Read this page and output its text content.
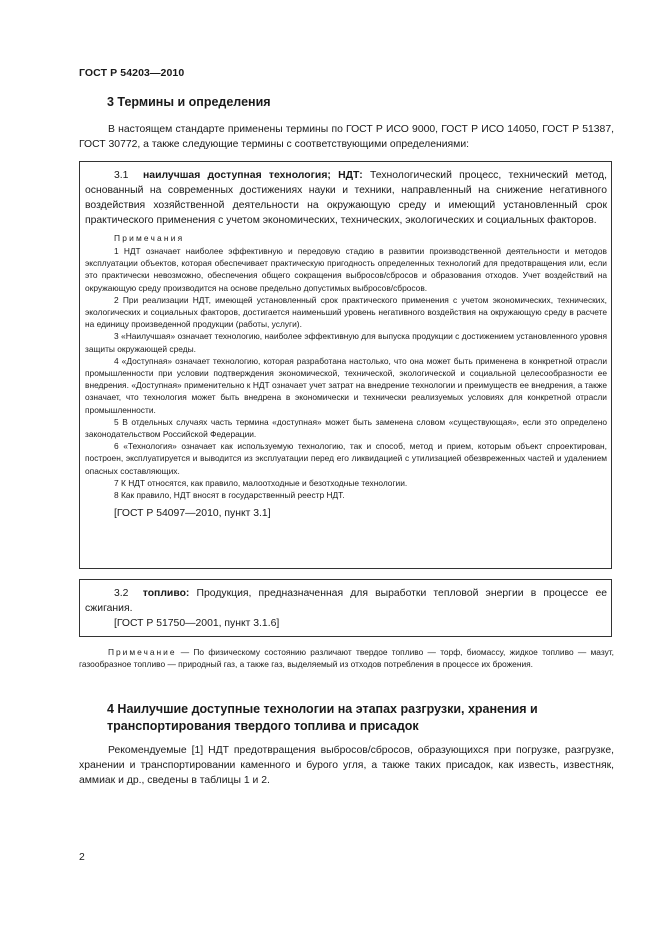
ГОСТ Р 54203—2010
3 Термины и определения
В настоящем стандарте применены термины по ГОСТ Р ИСО 9000, ГОСТ Р ИСО 14050, ГОСТ Р 51387, ГОСТ 30772, а также следующие термины с соответствующими определениями:
3.1 наилучшая доступная технология; НДТ: Технологический процесс, технический метод, основанный на современных достижениях науки и техники, направленный на снижение негативного воздействия хозяйственной деятельности на окружающую среду и имеющий установленный срок практического применения с учетом экономических, технических, экологических и социальных факторов.
Примечания
1 НДТ означает наиболее эффективную и передовую стадию в развитии производственной деятельности и методов эксплуатации объектов, которая обеспечивает практическую пригодность определенных технологий для предотвращения или, если это практически невозможно, обеспечения общего сокращения выбросов/сбросов и образования отходов. Учет воздействий на окружающую среду производится на основе предельно допустимых выбросов/сбросов.
2 При реализации НДТ, имеющей установленный срок практического применения с учетом экономических, технических, экологических и социальных факторов, достигается наименьший уровень негативного воздействия на окружающую среду в расчете на единицу произведенной продукции (работы, услуги).
3 «Наилучшая» означает технологию, наиболее эффективную для выпуска продукции с достижением установленного уровня защиты окружающей среды.
4 «Доступная» означает технологию, которая разработана настолько, что она может быть применена в конкретной отрасли промышленности при условии подтверждения экономической, технической, экологической и социальной целесообразности ее внедрения. «Доступная» применительно к НДТ означает учет затрат на внедрение технологии и преимуществ ее внедрения, а также означает, что технология может быть внедрена в экономически и технически реализуемых условиях для конкретной отрасли промышленности.
5 В отдельных случаях часть термина «доступная» может быть заменена словом «существующая», если это определено законодательством Российской Федерации.
6 «Технология» означает как используемую технологию, так и способ, метод и прием, которым объект спроектирован, построен, эксплуатируется и выводится из эксплуатации перед его ликвидацией с утилизацией обезвреженных частей и удалением опасных составляющих.
7 К НДТ относятся, как правило, малоотходные и безотходные технологии.
8 Как правило, НДТ вносят в государственный реестр НДТ.
[ГОСТ Р 54097—2010, пункт 3.1]
3.2 топливо: Продукция, предназначенная для выработки тепловой энергии в процессе ее сжигания.
[ГОСТ Р 51750—2001, пункт 3.1.6]
Примечание — По физическому состоянию различают твердое топливо — торф, биомассу, жидкое топливо — мазут, газообразное топливо — природный газ, а также газ, выделяемый из отходов потребления в процессе их брожения.
4 Наилучшие доступные технологии на этапах разгрузки, хранения и транспортирования твердого топлива и присадок
Рекомендуемые [1] НДТ предотвращения выбросов/сбросов, образующихся при погрузке, разгрузке, хранении и транспортировании каменного и бурого угля, а также таких присадок, как известь, известняк, аммиак и др., сведены в таблицы 1 и 2.
2
